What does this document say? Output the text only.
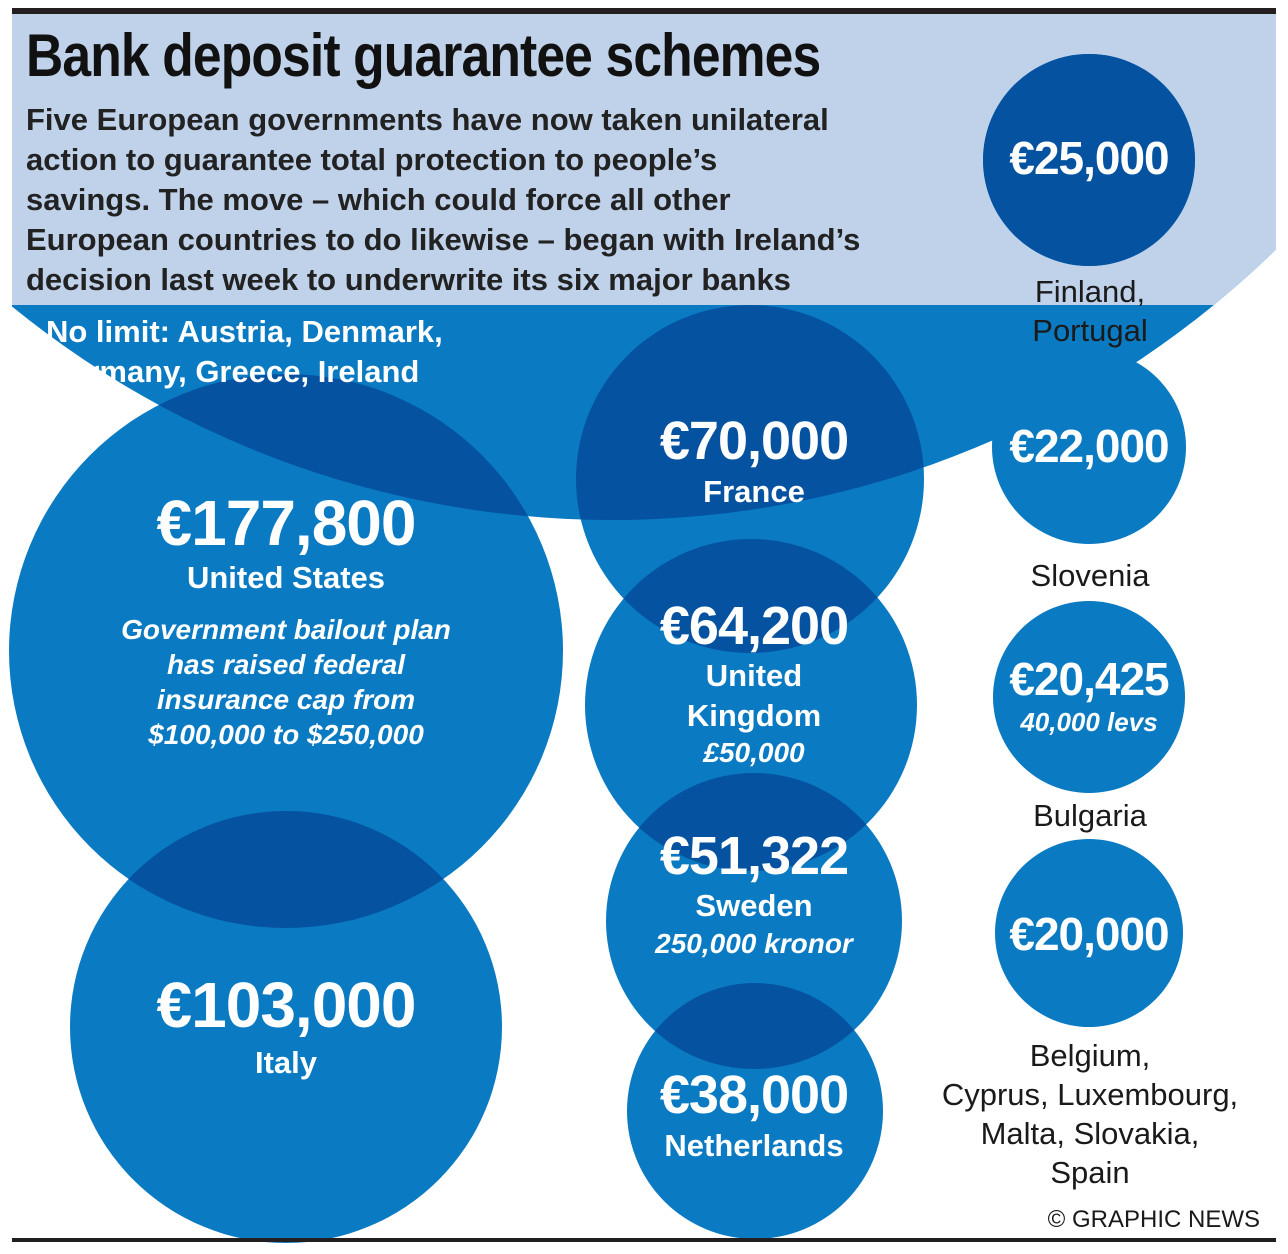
Bank deposit guarantee schemes
Five European governments have now taken unilateral
action to guarantee total protection to people’s
savings. The move – which could force all other
European countries to do likewise – began with Ireland’s
decision last week to underwrite its six major banks
No limit: Austria, Denmark,
Germany, Greece, Ireland
€177,800
United States
Government bailout plan
has raised federal
insurance cap from
$100,000 to $250,000
€103,000
Italy
€70,000
France
€64,200
United
Kingdom
£50,000
€51,322
Sweden
250,000 kronor
€38,000
Netherlands
€25,000
€22,000
€20,425
40,000 levs
€20,000
Finland,
Portugal
Slovenia
Bulgaria
Belgium,
Cyprus, Luxembourg,
Malta, Slovakia,
Spain
© GRAPHIC NEWS
